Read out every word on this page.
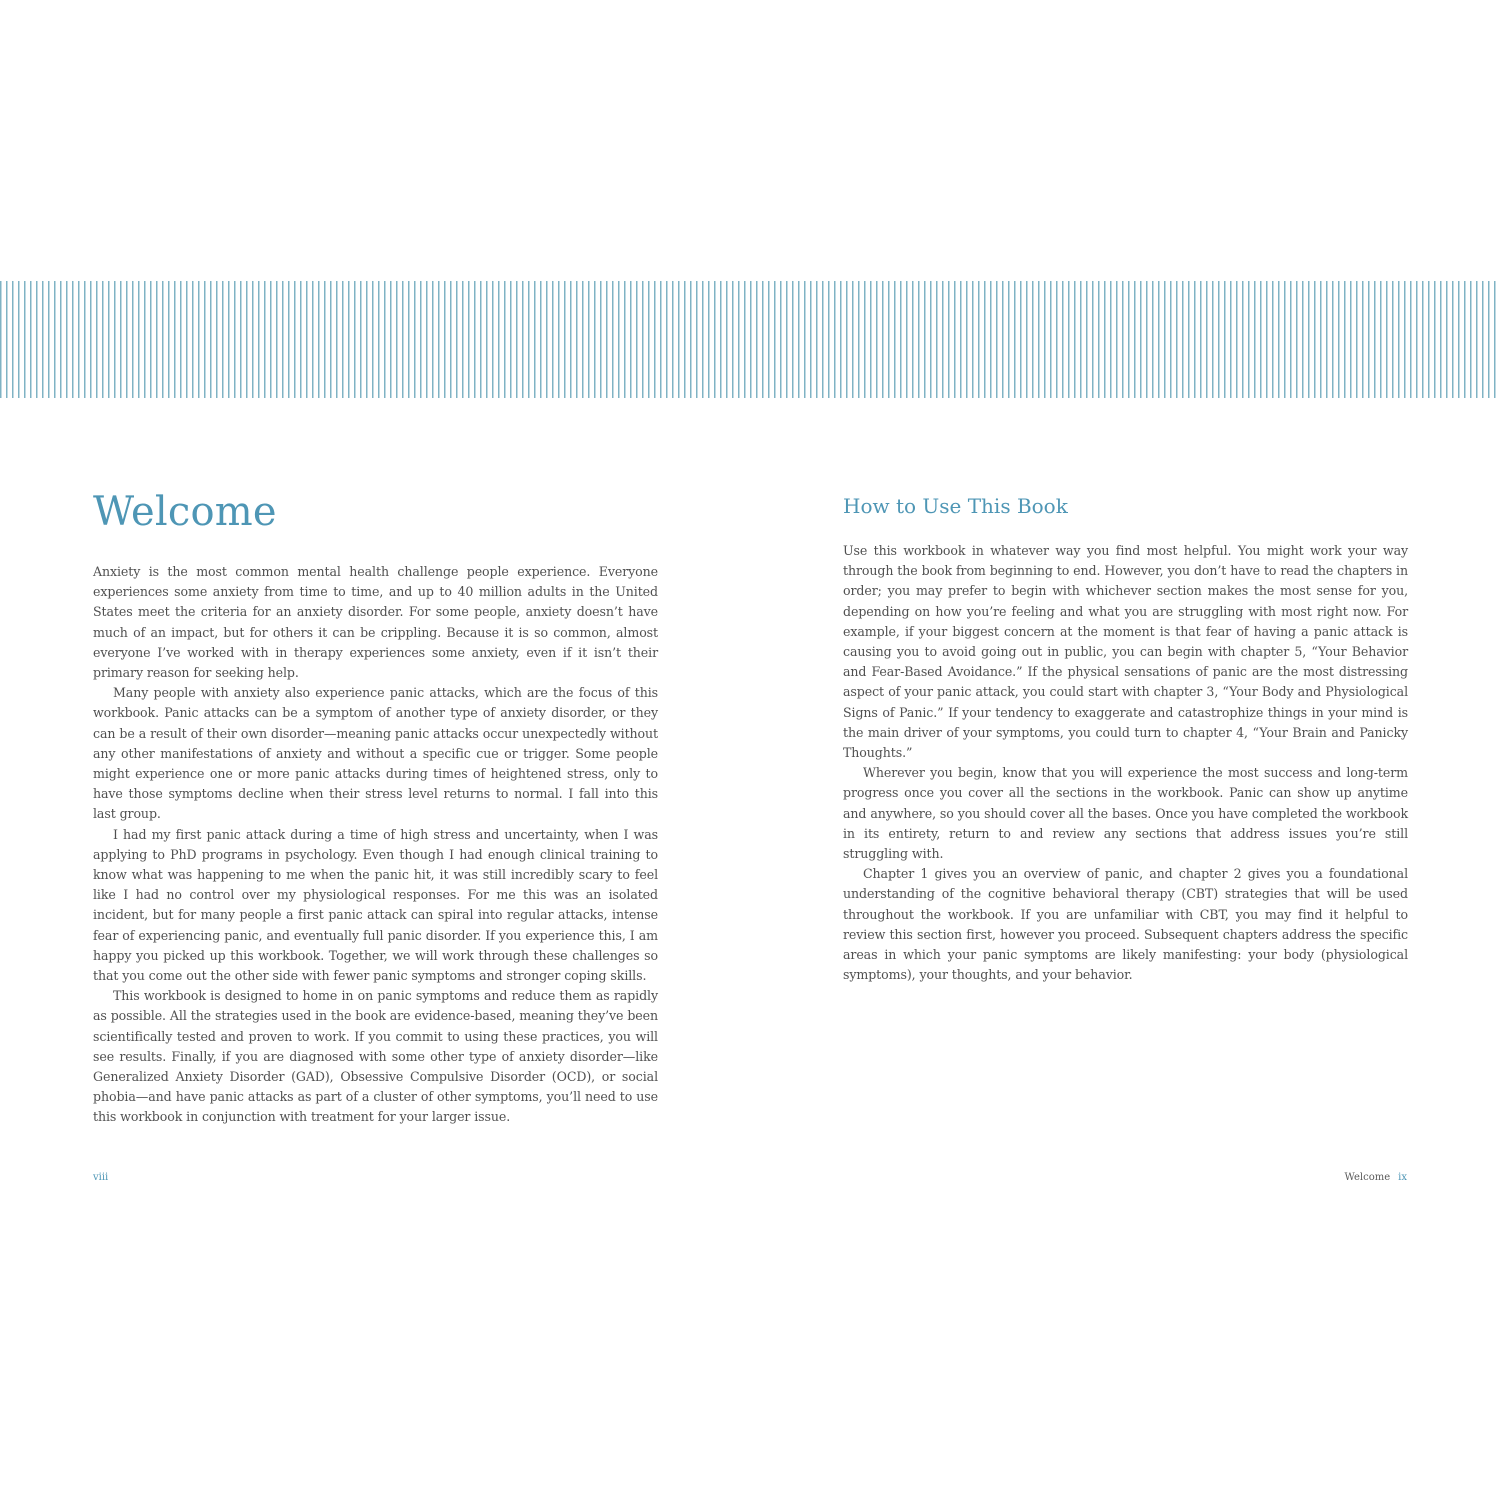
Welcome

Anxiety is the most common mental health challenge people experience. Everyone experiences some anxiety from time to time, and up to 40 million adults in the United States meet the criteria for an anxiety disorder. For some people, anxiety doesn’t have much of an impact, but for others it can be crippling. Because it is so common, almost everyone I’ve worked with in therapy experiences some anxiety, even if it isn’t their primary reason for seeking help.

Many people with anxiety also experience panic attacks, which are the focus of this workbook. Panic attacks can be a symptom of another type of anxiety disorder, or they can be a result of their own disorder—meaning panic attacks occur unexpectedly without any other manifestations of anxiety and without a specific cue or trigger. Some people might experience one or more panic attacks during times of heightened stress, only to have those symptoms decline when their stress level returns to normal. I fall into this last group.

I had my first panic attack during a time of high stress and uncertainty, when I was applying to PhD programs in psychology. Even though I had enough clinical training to know what was happening to me when the panic hit, it was still incredibly scary to feel like I had no control over my physiological responses. For me this was an isolated incident, but for many people a first panic attack can spiral into regular attacks, intense fear of experiencing panic, and eventually full panic disorder. If you experience this, I am happy you picked up this workbook. Together, we will work through these challenges so that you come out the other side with fewer panic symptoms and stronger coping skills.

This workbook is designed to home in on panic symptoms and reduce them as rapidly as possible. All the strategies used in the book are evidence-based, meaning they’ve been scientifically tested and proven to work. If you commit to using these practices, you will see results. Finally, if you are diagnosed with some other type of anxiety disorder—like Generalized Anxiety Disorder (GAD), Obsessive Compulsive Disorder (OCD), or social phobia—and have panic attacks as part of a cluster of other symptoms, you’ll need to use this workbook in conjunction with treatment for your larger issue.

How to Use This Book

Use this workbook in whatever way you find most helpful. You might work your way through the book from beginning to end. However, you don’t have to read the chapters in order; you may prefer to begin with whichever section makes the most sense for you, depending on how you’re feeling and what you are struggling with most right now. For example, if your biggest concern at the moment is that fear of having a panic attack is causing you to avoid going out in public, you can begin with chapter 5, “Your Behavior and Fear-Based Avoidance.” If the physical sensations of panic are the most distressing aspect of your panic attack, you could start with chapter 3, “Your Body and Physiological Signs of Panic.” If your tendency to exaggerate and catastrophize things in your mind is the main driver of your symptoms, you could turn to chapter 4, “Your Brain and Panicky Thoughts.”

Wherever you begin, know that you will experience the most success and long-term progress once you cover all the sections in the workbook. Panic can show up anytime and anywhere, so you should cover all the bases. Once you have completed the workbook in its entirety, return to and review any sections that address issues you’re still struggling with.

Chapter 1 gives you an overview of panic, and chapter 2 gives you a foundational understanding of the cognitive behavioral therapy (CBT) strategies that will be used throughout the workbook. If you are unfamiliar with CBT, you may find it helpful to review this section first, however you proceed. Subsequent chapters address the specific areas in which your panic symptoms are likely manifesting: your body (physiological symptoms), your thoughts, and your behavior.

viii	Welcome ix
